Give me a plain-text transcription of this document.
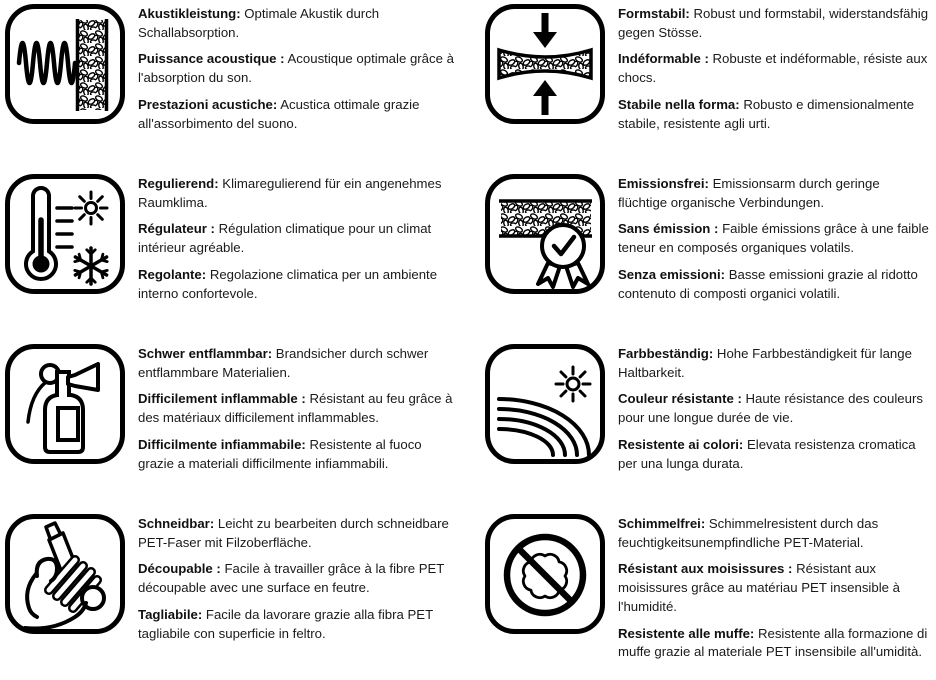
Akustikleistung: Optimale Akustik durch Schallabsorption.

Puissance acoustique : Acoustique optimale grâce à l'absorption du son.

Prestazioni acustiche: Acustica ottimale grazie all'assorbimento del suono.

Formstabil: Robust und formstabil, widerstandsfähig gegen Stösse.

Indéformable : Robuste et indéformable, résiste aux chocs.

Stabile nella forma: Robusto e dimensionalmente stabile, resistente agli urti.

Regulierend: Klimaregulierend für ein angenehmes Raumklima.

Régulateur : Régulation climatique pour un climat intérieur agréable.

Regolante: Regolazione climatica per un ambiente interno confortevole.

Emissionsfrei: Emissionsarm durch geringe flüchtige organische Verbindungen.

Sans émission : Faible émissions grâce à une faible teneur en composés organiques volatils.

Senza emissioni: Basse emissioni grazie al ridotto contenuto di composti organici volatili.

Schwer entflammbar: Brandsicher durch schwer entflammbare Materialien.

Difficilement inflammable : Résistant au feu grâce à des matériaux difficilement inflammables.

Difficilmente infiammabile: Resistente al fuoco grazie a materiali difficilmente infiammabili.

Farbbeständig: Hohe Farbbeständigkeit für lange Haltbarkeit.

Couleur résistante : Haute résistance des couleurs pour une longue durée de vie.

Resistente ai colori: Elevata resistenza cromatica per una lunga durata.

Schneidbar: Leicht zu bearbeiten durch schneidbare PET-Faser mit Filzoberfläche.

Découpable : Facile à travailler grâce à la fibre PET découpable avec une surface en feutre.

Tagliabile: Facile da lavorare grazie alla fibra PET tagliabile con superficie in feltro.

Schimmelfrei: Schimmelresistent durch das feuchtigkeitsunempfindliche PET-Material.

Résistant aux moisissures : Résistant aux moisissures grâce au matériau PET insensible à l'humidité.

Resistente alle muffe: Resistente alla formazione di muffe grazie al materiale PET insensibile all'umidità.
